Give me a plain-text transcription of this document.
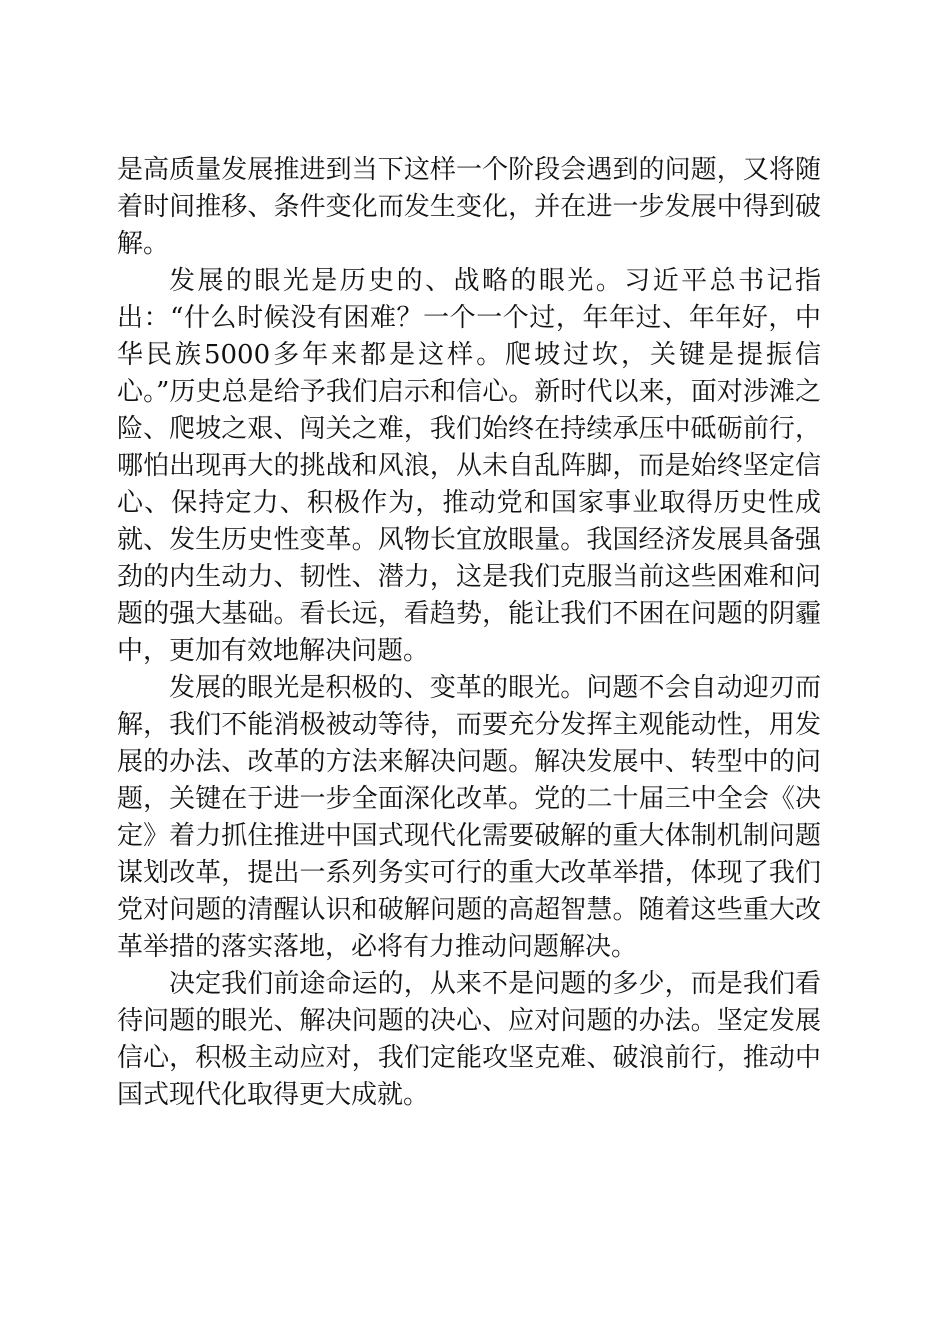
是高质量发展推进到当下这样一个阶段会遇到的问题，又将随着时间推移、条件变化而发生变化，并在进一步发展中得到破解。

发展的眼光是历史的、战略的眼光。习近平总书记指出：“什么时候没有困难？一个一个过，年年过、年年好，中华民族5000多年来都是这样。爬坡过坎，关键是提振信心。”历史总是给予我们启示和信心。新时代以来，面对涉滩之险、爬坡之艰、闯关之难，我们始终在持续承压中砥砺前行，哪怕出现再大的挑战和风浪，从未自乱阵脚，而是始终坚定信心、保持定力、积极作为，推动党和国家事业取得历史性成就、发生历史性变革。风物长宜放眼量。我国经济发展具备强劲的内生动力、韧性、潜力，这是我们克服当前这些困难和问题的强大基础。看长远，看趋势，能让我们不困在问题的阴霾中，更加有效地解决问题。

发展的眼光是积极的、变革的眼光。问题不会自动迎刃而解，我们不能消极被动等待，而要充分发挥主观能动性，用发展的办法、改革的方法来解决问题。解决发展中、转型中的问题，关键在于进一步全面深化改革。党的二十届三中全会《决定》着力抓住推进中国式现代化需要破解的重大体制机制问题谋划改革，提出一系列务实可行的重大改革举措，体现了我们党对问题的清醒认识和破解问题的高超智慧。随着这些重大改革举措的落实落地，必将有力推动问题解决。

决定我们前途命运的，从来不是问题的多少，而是我们看待问题的眼光、解决问题的决心、应对问题的办法。坚定发展信心，积极主动应对，我们定能攻坚克难、破浪前行，推动中国式现代化取得更大成就。
